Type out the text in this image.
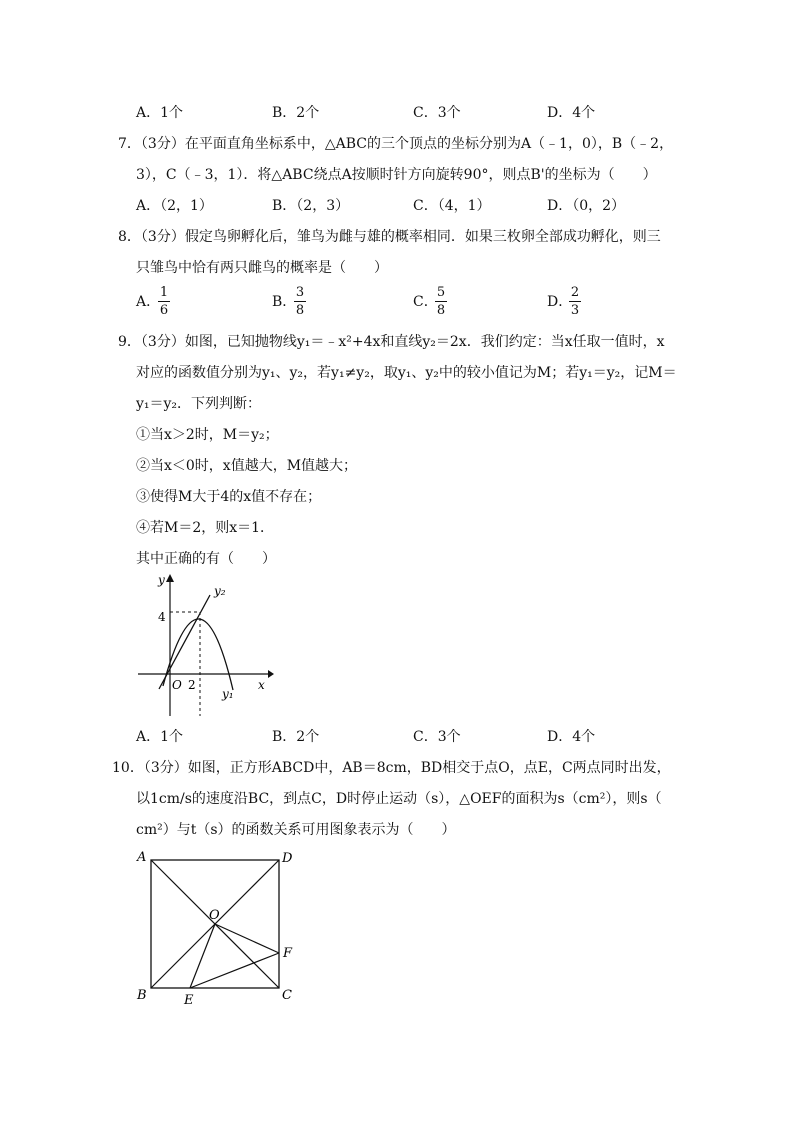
A．1个	B．2个	C．3个	D．4个
7．（3分）在平面直角坐标系中，△ABC的三个顶点的坐标分别为A（﹣1，0），B（﹣2，
3），C（﹣3，1）．将△ABC绕点A按顺时针方向旋转90°，则点B'的坐标为（　　）
A．（2，1）	B．（2，3）	C．（4，1）	D．（0，2）
8．（3分）假定鸟卵孵化后，雏鸟为雌与雄的概率相同．如果三枚卵全部成功孵化，则三
只雏鸟中恰有两只雌鸟的概率是（　　）
A．
1
6
B．
3
8
C．
5
8
D．
2
3
9．（3分）如图，已知抛物线y₁＝﹣x²+4x和直线y₂＝2x．我们约定：当x任取一值时，x
对应的函数值分别为y₁、y₂，若y₁≠y₂，取y₁、y₂中的较小值记为M；若y₁＝y₂，记M＝
y₁＝y₂．下列判断：
①当x＞2时，M＝y₂；
②当x＜0时，x值越大，M值越大；
③使得M大于4的x值不存在；
④若M＝2，则x＝1．
其中正确的有（　　）
y
x
4
2
O
y₂
y₁
A．1个	B．2个	C．3个	D．4个
10．（3分）如图，正方形ABCD中，AB＝8cm，BD相交于点O，点E，C两点同时出发，
以1cm/s的速度沿BC，到点C，D时停止运动（s），△OEF的面积为s（cm²），则s（
cm²）与t（s）的函数关系可用图象表示为（　　）
A	D
B	C
O
E
F
